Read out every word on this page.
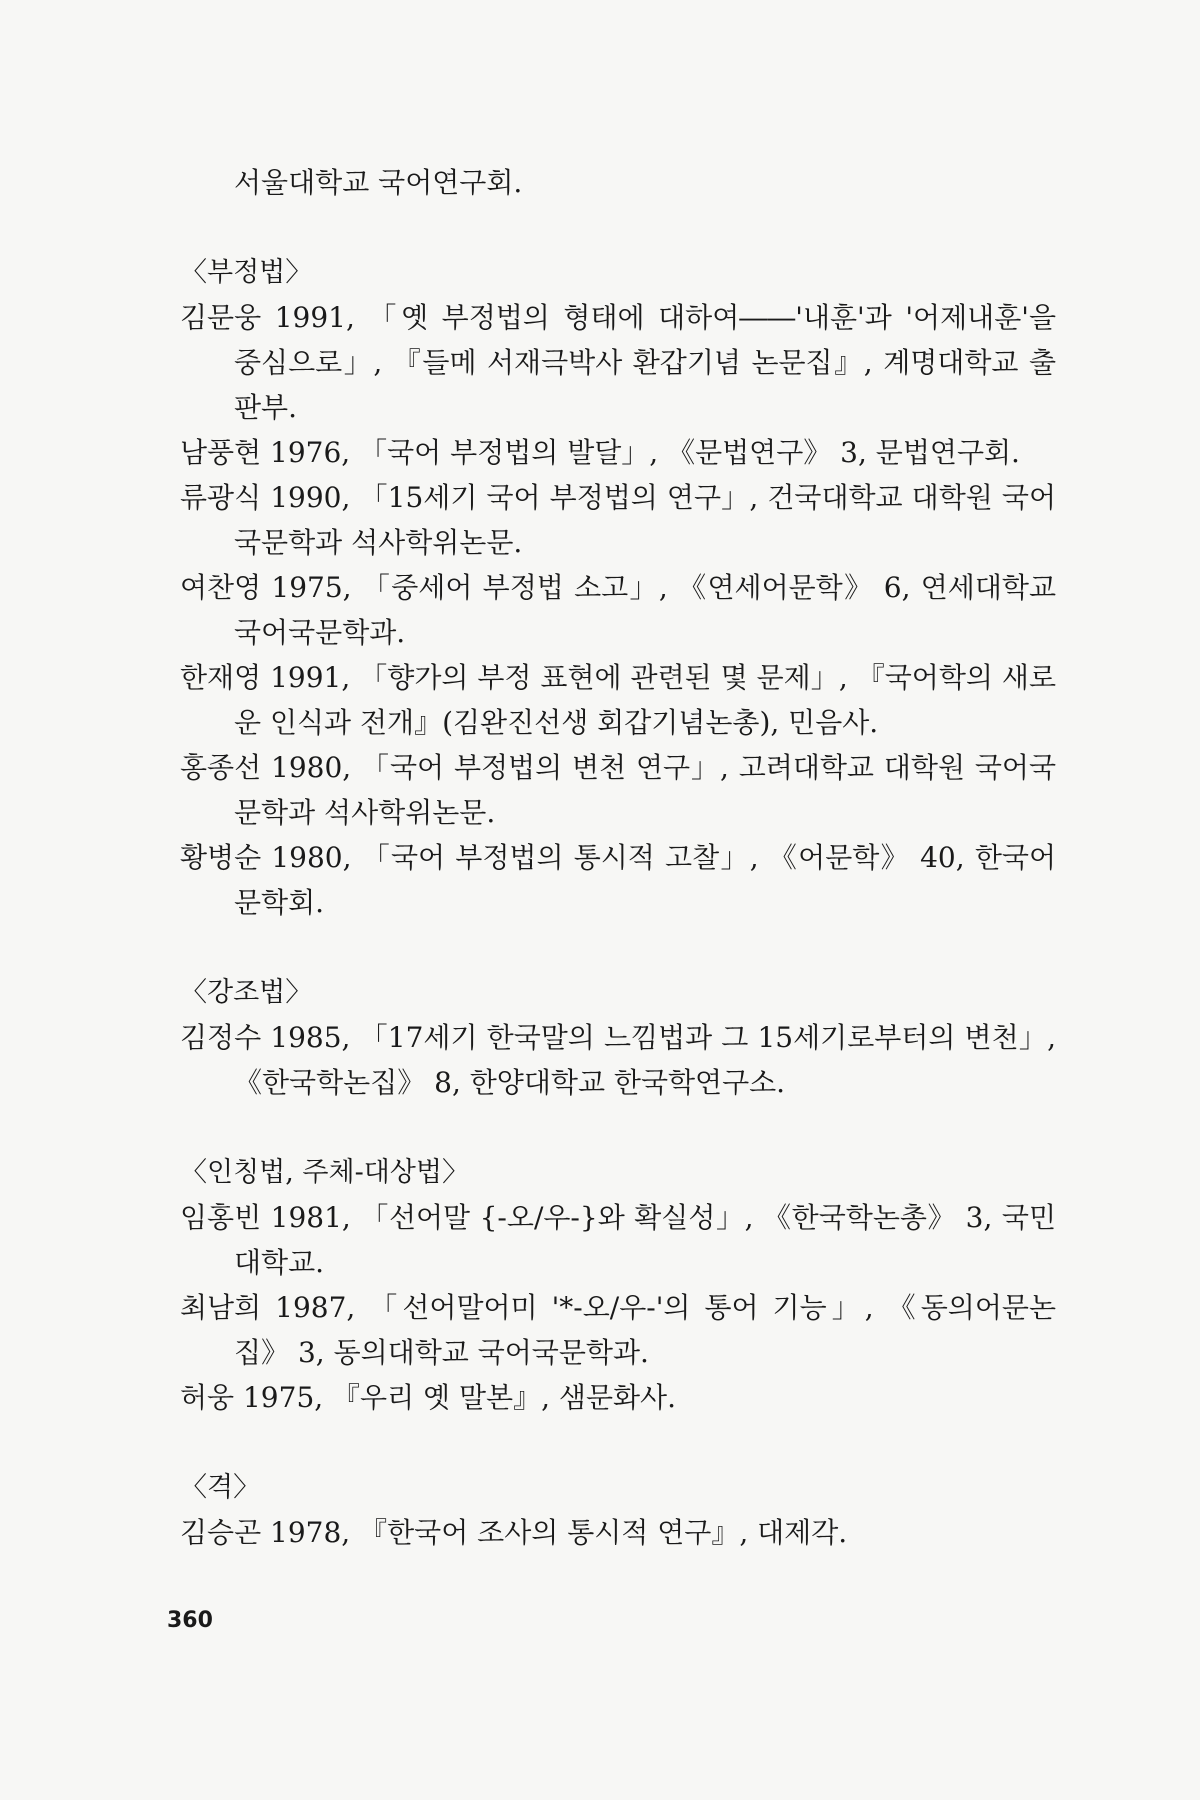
서울대학교 국어연구회.

〈부정법〉

김문웅 1991, 「옛 부정법의 형태에 대하여――'내훈'과 '어제내훈'을 중심으로」, 『들메 서재극박사 환갑기념 논문집』, 계명대학교 출판부.

남풍현 1976, 「국어 부정법의 발달」, 《문법연구》 3, 문법연구회.

류광식 1990, 「15세기 국어 부정법의 연구」, 건국대학교 대학원 국어국문학과 석사학위논문.

여찬영 1975, 「중세어 부정법 소고」, 《연세어문학》 6, 연세대학교 국어국문학과.

한재영 1991, 「향가의 부정 표현에 관련된 몇 문제」, 『국어학의 새로운 인식과 전개』(김완진선생 회갑기념논총), 민음사.

홍종선 1980, 「국어 부정법의 변천 연구」, 고려대학교 대학원 국어국문학과 석사학위논문.

황병순 1980, 「국어 부정법의 통시적 고찰」, 《어문학》 40, 한국어문학회.

〈강조법〉

김정수 1985, 「17세기 한국말의 느낌법과 그 15세기로부터의 변천」, 《한국학논집》 8, 한양대학교 한국학연구소.

〈인칭법, 주체-대상법〉

임홍빈 1981, 「선어말 {-오/우-}와 확실성」, 《한국학논총》 3, 국민대학교.

최남희 1987, 「선어말어미 '*-오/우-'의 통어 기능」, 《동의어문논집》 3, 동의대학교 국어국문학과.

허웅 1975, 『우리 옛 말본』, 샘문화사.

〈격〉

김승곤 1978, 『한국어 조사의 통시적 연구』, 대제각.

360
